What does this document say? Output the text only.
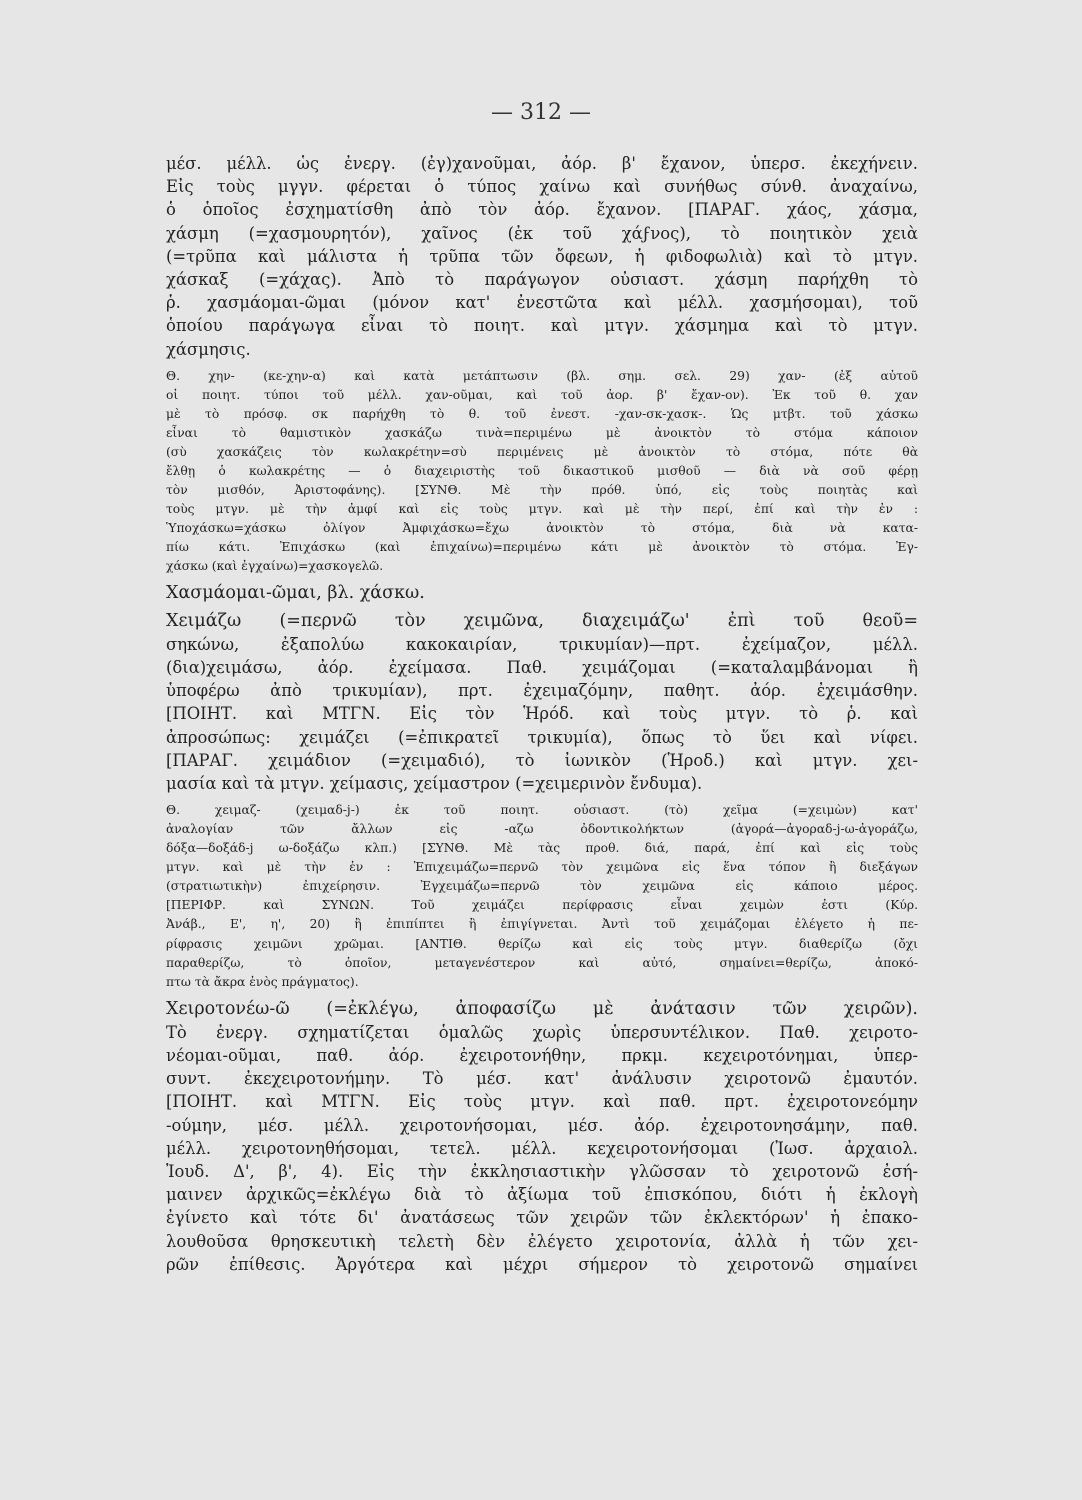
— 312 —
μέσ. μέλλ. ὡς ἐνεργ. (ἐγ)χανοῦμαι, ἀόρ. β' ἔχανον, ὑπερσ. ἐκεχήνειν.
Εἰς τοὺς μγγν. φέρεται ὁ τύπος χαίνω καὶ συνήθως σύνθ. ἀναχαίνω,
ὁ ὁποῖος ἐσχηματίσθη ἀπὸ τὸν ἀόρ. ἔχανον. [ΠΑΡΑΓ. χάος, χάσμα,
χάσμη (=χασμουρητόν), χαῖνος (ἐκ τοῦ χάϝνος), τὸ ποιητικὸν χειὰ
(=τρῦπα καὶ μάλιστα ἡ τρῦπα τῶν ὄφεων, ἡ φιδοφωλιὰ) καὶ τὸ μτγν.
χάσκαξ (=χάχας). Ἀπὸ τὸ παράγωγον οὐσιαστ. χάσμη παρήχθη τὸ
ῥ. χασμάομαι-ῶμαι (μόνον κατ' ἐνεστῶτα καὶ μέλλ. χασμήσομαι), τοῦ
ὁποίου παράγωγα εἶναι τὸ ποιητ. καὶ μτγν. χάσμημα καὶ τὸ μτγν.
χάσμησις.
Θ. χην- (κε-χην-α) καὶ κατὰ μετάπτωσιν (βλ. σημ. σελ. 29) χαν- (ἐξ αὐτοῦ
οἱ ποιητ. τύποι τοῦ μέλλ. χαν-οῦμαι, καὶ τοῦ ἀορ. β' ἔχαν-ον). Ἐκ τοῦ θ. χαν
μὲ τὸ πρόσφ. σκ παρήχθη τὸ θ. τοῦ ἐνεστ. -χαν-σκ-χασκ-. Ὡς μτβτ. τοῦ χάσκω
εἶναι τὸ θαμιστικὸν χασκάζω τινὰ=περιμένω μὲ ἀνοικτὸν τὸ στόμα κάποιον
(σὺ χασκάζεις τὸν κωλακρέτην=σὺ περιμένεις μὲ ἀνοικτὸν τὸ στόμα, πότε θὰ
ἔλθῃ ὁ κωλακρέτης — ὁ διαχειριστὴς τοῦ δικαστικοῦ μισθοῦ — διὰ νὰ σοῦ φέρῃ
τὸν μισθόν, Ἀριστοφάνης). [ΣΥΝΘ. Μὲ τὴν πρόθ. ὑπό, εἰς τοὺς ποιητὰς καὶ
τοὺς μτγν. μὲ τὴν ἀμφί καὶ εἰς τοὺς μτγν. καὶ μὲ τὴν περί, ἐπί καὶ τὴν ἐν :
Ὑποχάσκω=χάσκω ὀλίγον Ἀμφιχάσκω=ἔχω ἀνοικτὸν τὸ στόμα, διὰ νὰ κατα-
πίω κάτι. Ἐπιχάσκω (καὶ ἐπιχαίνω)=περιμένω κάτι μὲ ἀνοικτὸν τὸ στόμα. Ἐγ-
χάσκω (καὶ ἐγχαίνω)=χασκογελῶ.
Χασμάομαι-ῶμαι, βλ. χάσκω.
Χειμάζω (=περνῶ τὸν χειμῶνα, διαχειμάζω' ἐπὶ τοῦ θεοῦ=
σηκώνω, ἐξαπολύω κακοκαιρίαν, τρικυμίαν)—πρτ. ἐχείμαζον, μέλλ.
(δια)χειμάσω, ἀόρ. ἐχείμασα. Παθ. χειμάζομαι (=καταλαμβάνομαι ἢ
ὑποφέρω ἀπὸ τρικυμίαν), πρτ. ἐχειμαζόμην, παθητ. ἀόρ. ἐχειμάσθην.
[ΠΟΙΗΤ. καὶ ΜΤΓΝ. Εἰς τὸν Ἡρόδ. καὶ τοὺς μτγν. τὸ ῥ. καὶ
ἀπροσώπως: χειμάζει (=ἐπικρατεῖ τρικυμία), ὅπως τὸ ὕει καὶ νίφει.
[ΠΑΡΑΓ. χειμάδιον (=χειμαδιό), τὸ ἰωνικὸν (Ἡροδ.) καὶ μτγν. χει-
μασία καὶ τὰ μτγν. χείμασις, χείμαστρον (=χειμερινὸν ἔνδυμα).
Θ. χειμαζ- (χειμαδ-j-) ἐκ τοῦ ποιητ. οὐσιαστ. (τὸ) χεῖμα (=χειμὼν) κατ'
ἀναλογίαν τῶν ἄλλων εἰς -αζω ὀδοντικολήκτων (ἀγορά—ἀγοραδ-j-ω-ἀγοράζω,
δόξα—δοξάδ-j ω-δοξάζω κλπ.) [ΣΥΝΘ. Μὲ τὰς προθ. διά, παρά, ἐπί καὶ εἰς τοὺς
μτγν. καὶ μὲ τὴν ἐν : Ἐπιχειμάζω=περνῶ τὸν χειμῶνα εἰς ἕνα τόπον ἢ διεξάγων
(στρατιωτικὴν) ἐπιχείρησιν. Ἐγχειμάζω=περνῶ τὸν χειμῶνα εἰς κάποιο μέρος.
[ΠΕΡΙΦΡ. καὶ ΣΥΝΩΝ. Τοῦ χειμάζει περίφρασις εἶναι χειμὼν ἐστι (Κύρ.
Ἀνάβ., Ε', η', 20) ἢ ἐπιπίπτει ἢ ἐπιγίγνεται. Ἀντὶ τοῦ χειμάζομαι ἐλέγετο ἡ πε-
ρίφρασις χειμῶνι χρῶμαι. [ΑΝΤΙΘ. θερίζω καὶ εἰς τοὺς μτγν. διαθερίζω (ὄχι
παραθερίζω, τὸ ὁποῖον, μεταγενέστερον καὶ αὐτό, σημαίνει=θερίζω, ἀποκό-
πτω τὰ ἄκρα ἑνὸς πράγματος).
Χειροτονέω-ῶ (=ἐκλέγω, ἀποφασίζω μὲ ἀνάτασιν τῶν χειρῶν).
Τὸ ἐνεργ. σχηματίζεται ὁμαλῶς χωρὶς ὑπερσυντέλικον. Παθ. χειροτο-
νέομαι-οῦμαι, παθ. ἀόρ. ἐχειροτονήθην, πρκμ. κεχειροτόνημαι, ὑπερ-
συντ. ἐκεχειροτονήμην. Τὸ μέσ. κατ' ἀνάλυσιν χειροτονῶ ἐμαυτόν.
[ΠΟΙΗΤ. καὶ ΜΤΓΝ. Εἰς τοὺς μτγν. καὶ παθ. πρτ. ἐχειροτονεόμην
-ούμην, μέσ. μέλλ. χειροτονήσομαι, μέσ. ἀόρ. ἐχειροτονησάμην, παθ.
μέλλ. χειροτονηθήσομαι, τετελ. μέλλ. κεχειροτονήσομαι (Ἰωσ. ἀρχαιολ.
Ἰουδ. Δ', β', 4). Εἰς τὴν ἐκκλησιαστικὴν γλῶσσαν τὸ χειροτονῶ ἐσή-
μαινεν ἀρχικῶς=ἐκλέγω διὰ τὸ ἀξίωμα τοῦ ἐπισκόπου, διότι ἡ ἐκλογὴ
ἐγίνετο καὶ τότε δι' ἀνατάσεως τῶν χειρῶν τῶν ἐκλεκτόρων' ἡ ἐπακο-
λουθοῦσα θρησκευτικὴ τελετὴ δὲν ἐλέγετο χειροτονία, ἀλλὰ ἡ τῶν χει-
ρῶν ἐπίθεσις. Ἀργότερα καὶ μέχρι σήμερον τὸ χειροτονῶ σημαίνει
